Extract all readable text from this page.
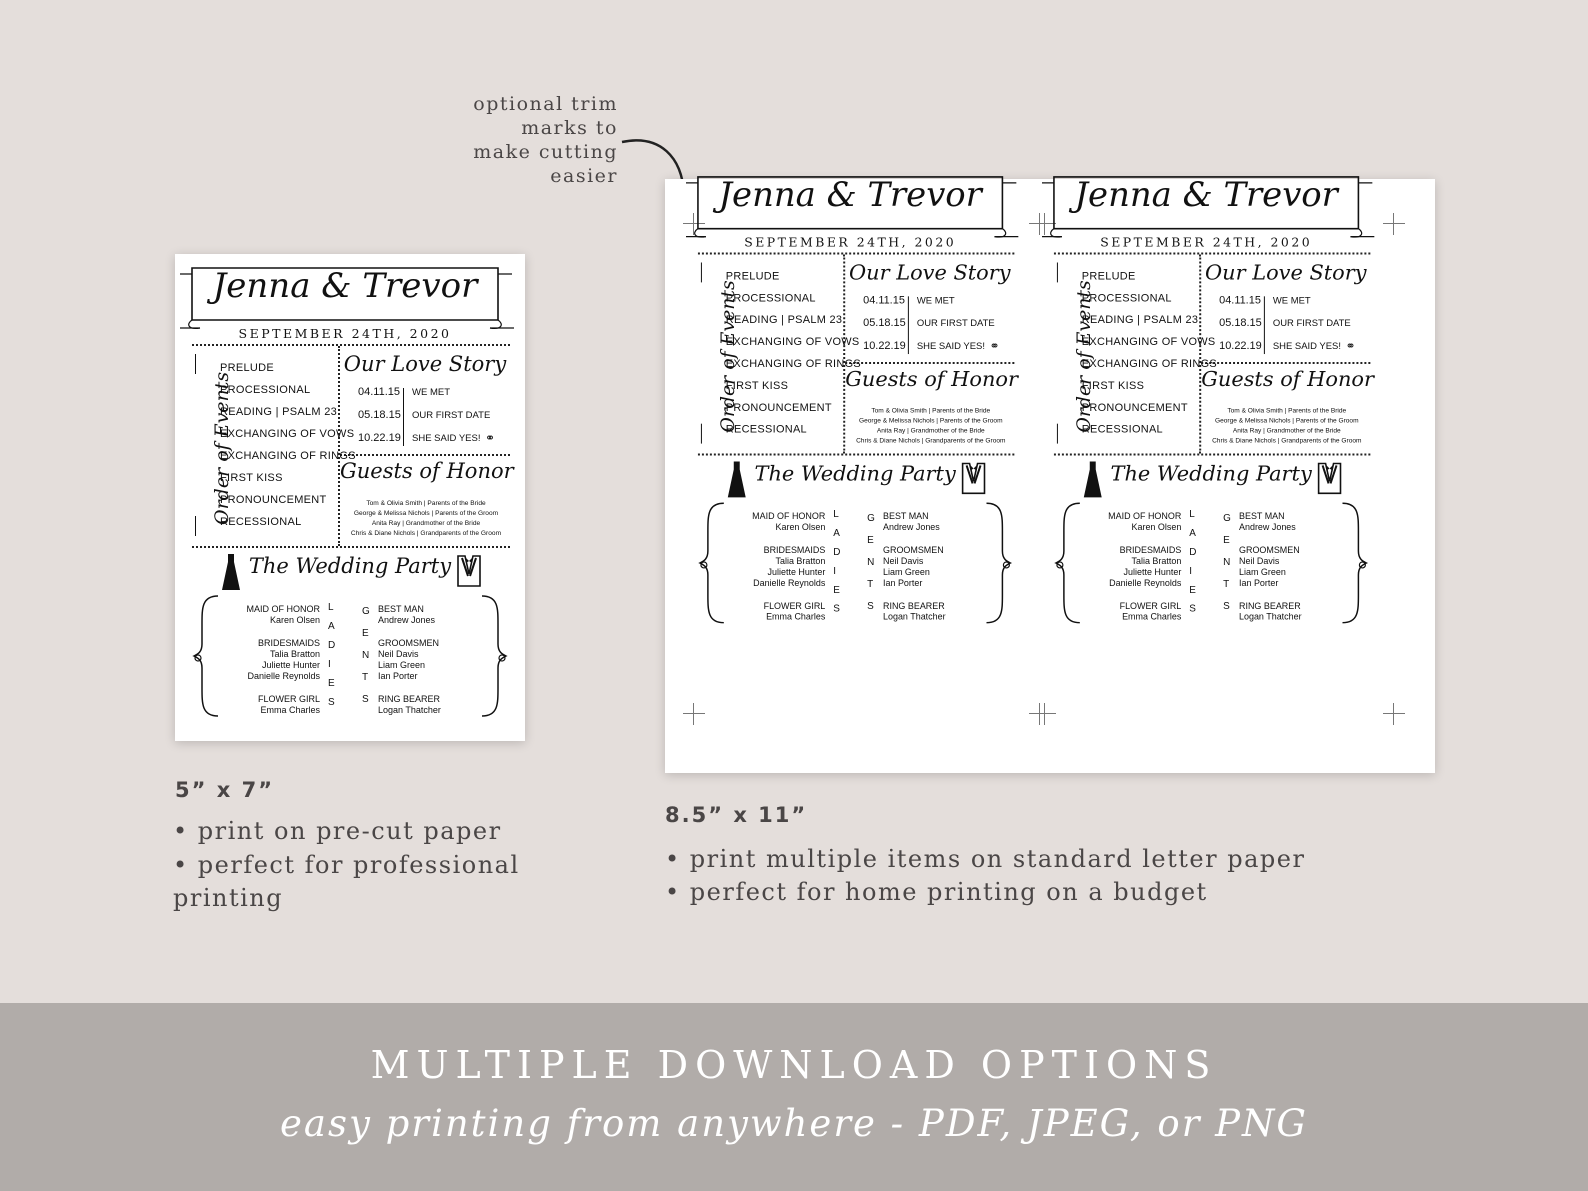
optional trim marks to make cutting easier
Jenna & Trevor
SEPTEMBER 24TH, 2020
Order of Events
PRELUDE
PROCESSIONAL
READING | PSALM 23
EXCHANGING OF VOWS
EXCHANGING OF RINGS
FIRST KISS
PRONOUNCEMENT
RECESSIONAL
Our Love Story
04.11.15 WE MET
05.18.15 OUR FIRST DATE
10.22.19 SHE SAID YES! ⚭
Guests of Honor
Tom & Olivia Smith | Parents of the Bride
George & Melissa Nichols | Parents of the Groom
Anita Ray | Grandmother of the Bride
Chris & Diane Nichols | Grandparents of the Groom
The Wedding Party
L
A
D
I
E
S
G
E
N
T
S
MAID OF HONOR
Karen Olsen
BRIDESMAIDS
Talia Bratton
Juliette Hunter
Danielle Reynolds
FLOWER GIRL
Emma Charles
BEST MAN
Andrew Jones
GROOMSMEN
Neil Davis
Liam Green
Ian Porter
RING BEARER
Logan Thatcher
Jenna & Trevor
SEPTEMBER 24TH, 2020
Order of Events
PRELUDE
PROCESSIONAL
READING | PSALM 23
EXCHANGING OF VOWS
EXCHANGING OF RINGS
FIRST KISS
PRONOUNCEMENT
RECESSIONAL
Our Love Story
04.11.15 WE MET
05.18.15 OUR FIRST DATE
10.22.19 SHE SAID YES! ⚭
Guests of Honor
Tom & Olivia Smith | Parents of the Bride
George & Melissa Nichols | Parents of the Groom
Anita Ray | Grandmother of the Bride
Chris & Diane Nichols | Grandparents of the Groom
The Wedding Party
L
A
D
I
E
S
G
E
N
T
S
MAID OF HONOR
Karen Olsen
BRIDESMAIDS
Talia Bratton
Juliette Hunter
Danielle Reynolds
FLOWER GIRL
Emma Charles
BEST MAN
Andrew Jones
GROOMSMEN
Neil Davis
Liam Green
Ian Porter
RING BEARER
Logan Thatcher
Jenna & Trevor
SEPTEMBER 24TH, 2020
Order of Events
PRELUDE
PROCESSIONAL
READING | PSALM 23
EXCHANGING OF VOWS
EXCHANGING OF RINGS
FIRST KISS
PRONOUNCEMENT
RECESSIONAL
Our Love Story
04.11.15 WE MET
05.18.15 OUR FIRST DATE
10.22.19 SHE SAID YES! ⚭
Guests of Honor
Tom & Olivia Smith | Parents of the Bride
George & Melissa Nichols | Parents of the Groom
Anita Ray | Grandmother of the Bride
Chris & Diane Nichols | Grandparents of the Groom
The Wedding Party
L
A
D
I
E
S
G
E
N
T
S
MAID OF HONOR
Karen Olsen
BRIDESMAIDS
Talia Bratton
Juliette Hunter
Danielle Reynolds
FLOWER GIRL
Emma Charles
BEST MAN
Andrew Jones
GROOMSMEN
Neil Davis
Liam Green
Ian Porter
RING BEARER
Logan Thatcher
5” x 7”
• print on pre-cut paper
• perfect for professional printing
8.5” x 11”
• print multiple items on standard letter paper
• perfect for home printing on a budget
MULTIPLE DOWNLOAD OPTIONS
easy printing from anywhere - PDF, JPEG, or PNG
